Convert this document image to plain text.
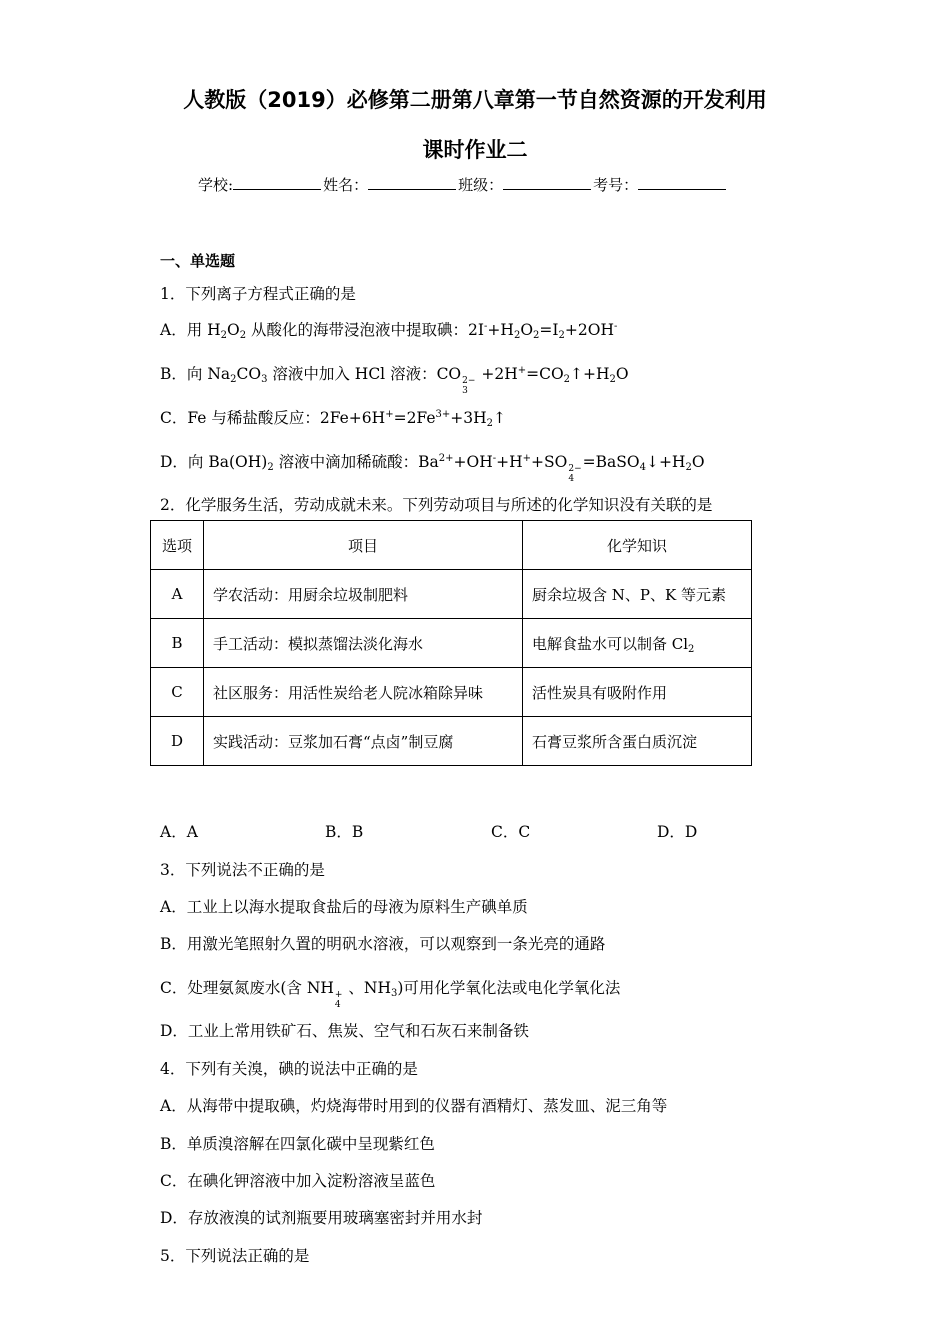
人教版（2019）必修第二册第八章第一节自然资源的开发利用
课时作业二
学校:	姓名：	班级：	考号：
一、单选题
1．下列离子方程式正确的是
A．用 $H_2O_2$ 从酸化的海带浸泡液中提取碘：$2I^-+H_2O_2=I_2+2OH^-$
B．向 $Na_2CO_3$ 溶液中加入 HCl 溶液：CO 2−
3
$+2H^+=CO_2↑+H_2O$
C．Fe 与稀盐酸反应：$2Fe+6H^+=2Fe^{3+}+3H_2↑$
D．向 $Ba(OH)_2$ 溶液中滴加稀硫酸：$Ba^{2+}+OH^-+H^++SO$ 2−
4
$=BaSO_4↓+H_2O$
2．化学服务生活，劳动成就未来。下列劳动项目与所述的化学知识没有关联的是
选项	项目	化学知识
A	学农活动：用厨余垃圾制肥料	厨余垃圾含 N、P、K 等元素
B	手工活动：模拟蒸馏法淡化海水	电解食盐水可以制备 $Cl_2$
C	社区服务：用活性炭给老人院冰箱除异味	活性炭具有吸附作用
D	实践活动：豆浆加石膏“点卤”制豆腐	石膏豆浆所含蛋白质沉淀
A．A	B．B	C．C	D．D
3．下列说法不正确的是
A．工业上以海水提取食盐后的母液为原料生产碘单质
B．用激光笔照射久置的明矾水溶液，可以观察到一条光亮的通路
C．处理氨氮废水(含 NH +
4
、$NH_3$)可用化学氧化法或电化学氧化法
D．工业上常用铁矿石、焦炭、空气和石灰石来制备铁
4．下列有关溴，碘的说法中正确的是
A．从海带中提取碘，灼烧海带时用到的仪器有酒精灯、蒸发皿、泥三角等
B．单质溴溶解在四氯化碳中呈现紫红色
C．在碘化钾溶液中加入淀粉溶液呈蓝色
D．存放液溴的试剂瓶要用玻璃塞密封并用水封
5．下列说法正确的是
